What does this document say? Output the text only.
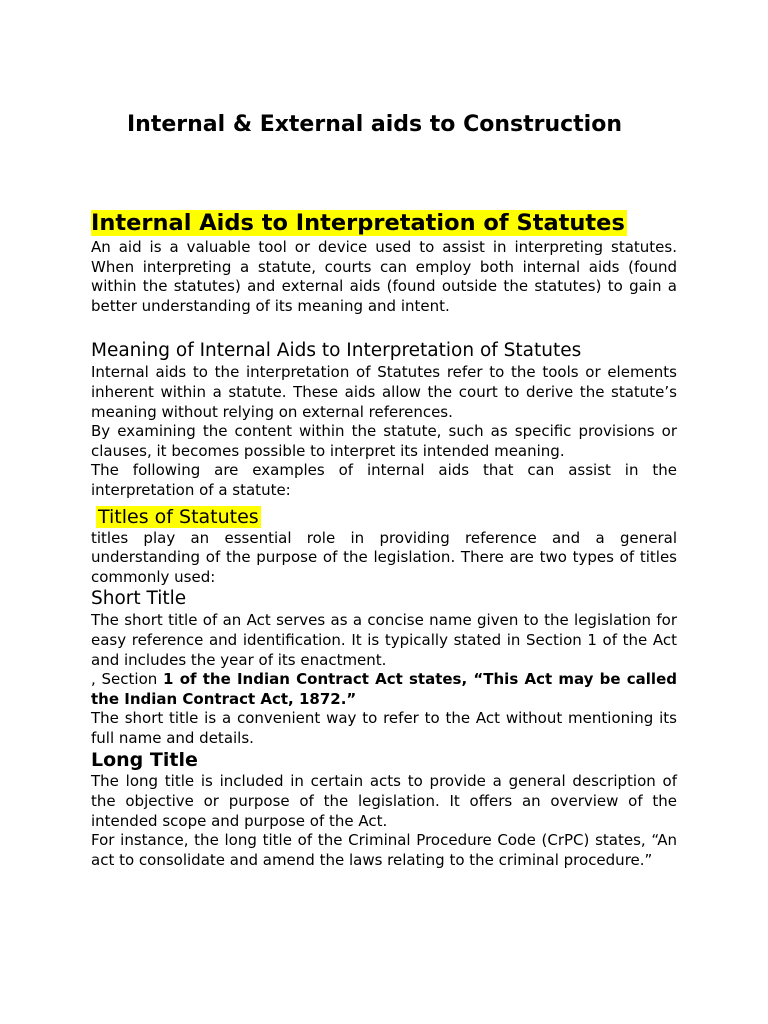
Internal & External aids to Construction
Internal Aids to Interpretation of Statutes

An aid is a valuable tool or device used to assist in interpreting statutes. When interpreting a statute, courts can employ both internal aids (found within the statutes) and external aids (found outside the statutes) to gain a better understanding of its meaning and intent.

Meaning of Internal Aids to Interpretation of Statutes

Internal aids to the interpretation of Statutes refer to the tools or elements inherent within a statute. These aids allow the court to derive the statute’s meaning without relying on external references.

By examining the content within the statute, such as specific provisions or clauses, it becomes possible to interpret its intended meaning.

The following are examples of internal aids that can assist in the interpretation of a statute:

Titles of Statutes

titles play an essential role in providing reference and a general understanding of the purpose of the legislation. There are two types of titles commonly used:

Short Title

The short title of an Act serves as a concise name given to the legislation for easy reference and identification. It is typically stated in Section 1 of the Act and includes the year of its enactment.

, Section 1 of the Indian Contract Act states, “This Act may be called the Indian Contract Act, 1872.”

The short title is a convenient way to refer to the Act without mentioning its full name and details.

Long Title

The long title is included in certain acts to provide a general description of the objective or purpose of the legislation. It offers an overview of the intended scope and purpose of the Act.

For instance, the long title of the Criminal Procedure Code (CrPC) states, “An act to consolidate and amend the laws relating to the criminal procedure.”
